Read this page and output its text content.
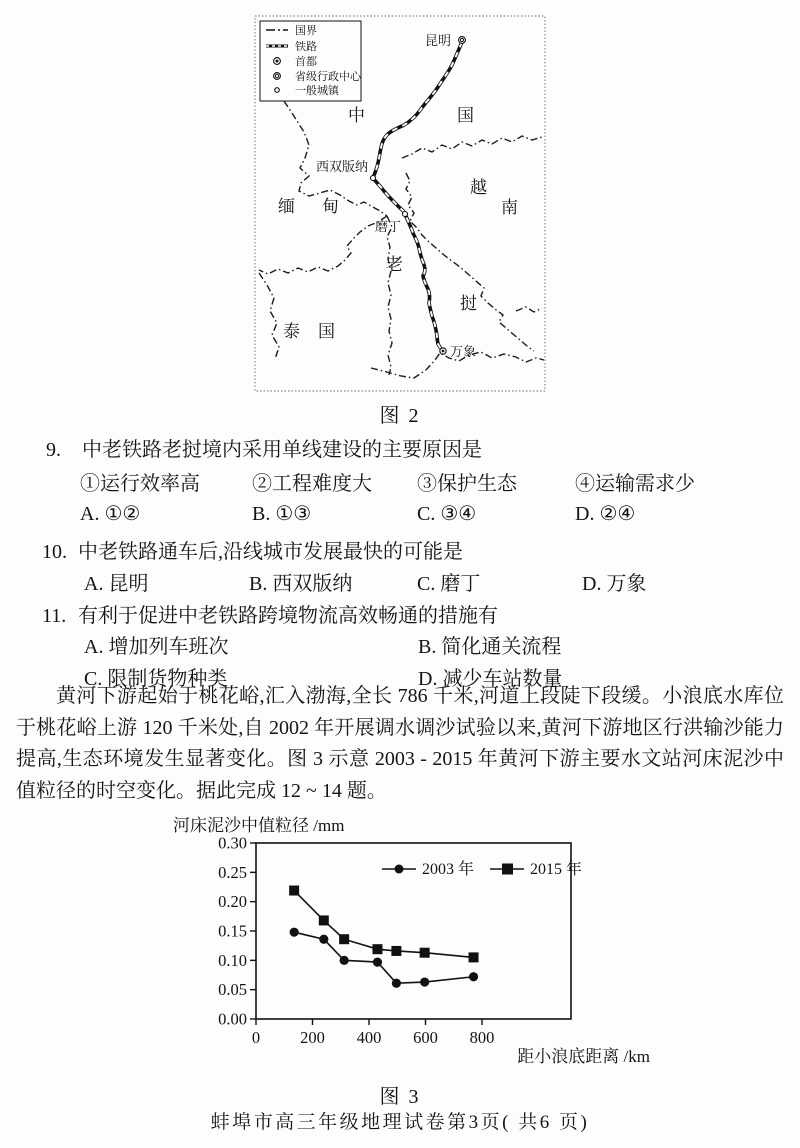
昆明
中	国
西双版纳
缅 甸
越
南
磨丁
老
挝
泰 国
万象
国界
铁路
首都
省级行政中心
一般城镇
图 2
9. 中老铁路老挝境内采用单线建设的主要原因是
①运行效率高	②工程难度大 ③保护生态	④运输需求少
A. ①②	B. ①③	C. ③④	D. ②④
10. 中老铁路通车后,沿线城市发展最快的可能是
A. 昆明	B. 西双版纳	C. 磨丁	D. 万象
11. 有利于促进中老铁路跨境物流高效畅通的措施有
A. 增加列车班次	B. 简化通关流程
C. 限制货物种类	D. 减少车站数量

黄河下游起始于桃花峪,汇入渤海,全长 786 千米,河道上段陡下段缓。小浪底水库位于桃花峪上游 120 千米处,自 2002 年开展调水调沙试验以来,黄河下游地区行洪输沙能力提高,生态环境发生显著变化。图 3 示意 2003 - 2015 年黄河下游主要水文站河床泥沙中值粒径的时空变化。据此完成 12 ~ 14 题。

河床泥沙中值粒径 /mm
0.00
0.05
0.10
0.15
0.20
0.25
0.30
0 200 400 600 800
2003 年	2015 年
距小浪底距离 /km
图 3
蚌埠市高三年级地理试卷第3页( 共6 页)
